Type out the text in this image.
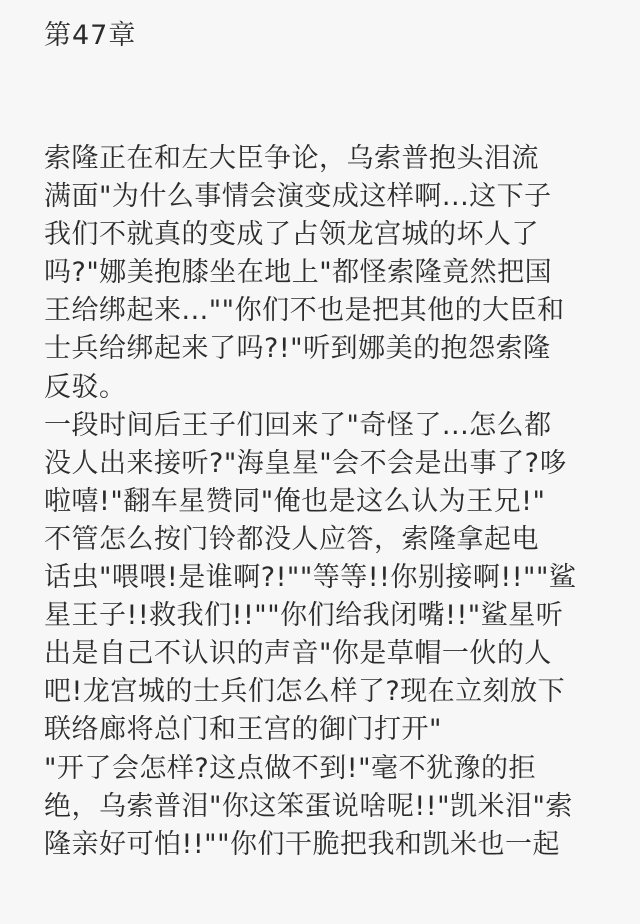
第47章
索隆正在和左大臣争论，乌索普抱头泪流
满面"为什么事情会演变成这样啊...这下子
我们不就真的变成了占领龙宫城的坏人了
吗?"娜美抱膝坐在地上"都怪索隆竟然把国
王给绑起来...""你们不也是把其他的大臣和
士兵给绑起来了吗?!"听到娜美的抱怨索隆
反驳。
一段时间后王子们回来了"奇怪了...怎么都
没人出来接听?"海皇星"会不会是出事了?哆
啦嘻!"翻车星赞同"俺也是这么认为王兄!"
不管怎么按门铃都没人应答，索隆拿起电
话虫"喂喂!是谁啊?!""等等!!你别接啊!!""鲨
星王子!!救我们!!""你们给我闭嘴!!"鲨星听
出是自己不认识的声音"你是草帽一伙的人
吧!龙宫城的士兵们怎么样了?现在立刻放下
联络廊将总门和王宫的御门打开"
"开了会怎样?这点做不到!"毫不犹豫的拒
绝，乌索普泪"你这笨蛋说啥呢!!"凯米泪"索
隆亲好可怕!!""你们干脆把我和凯米也一起
